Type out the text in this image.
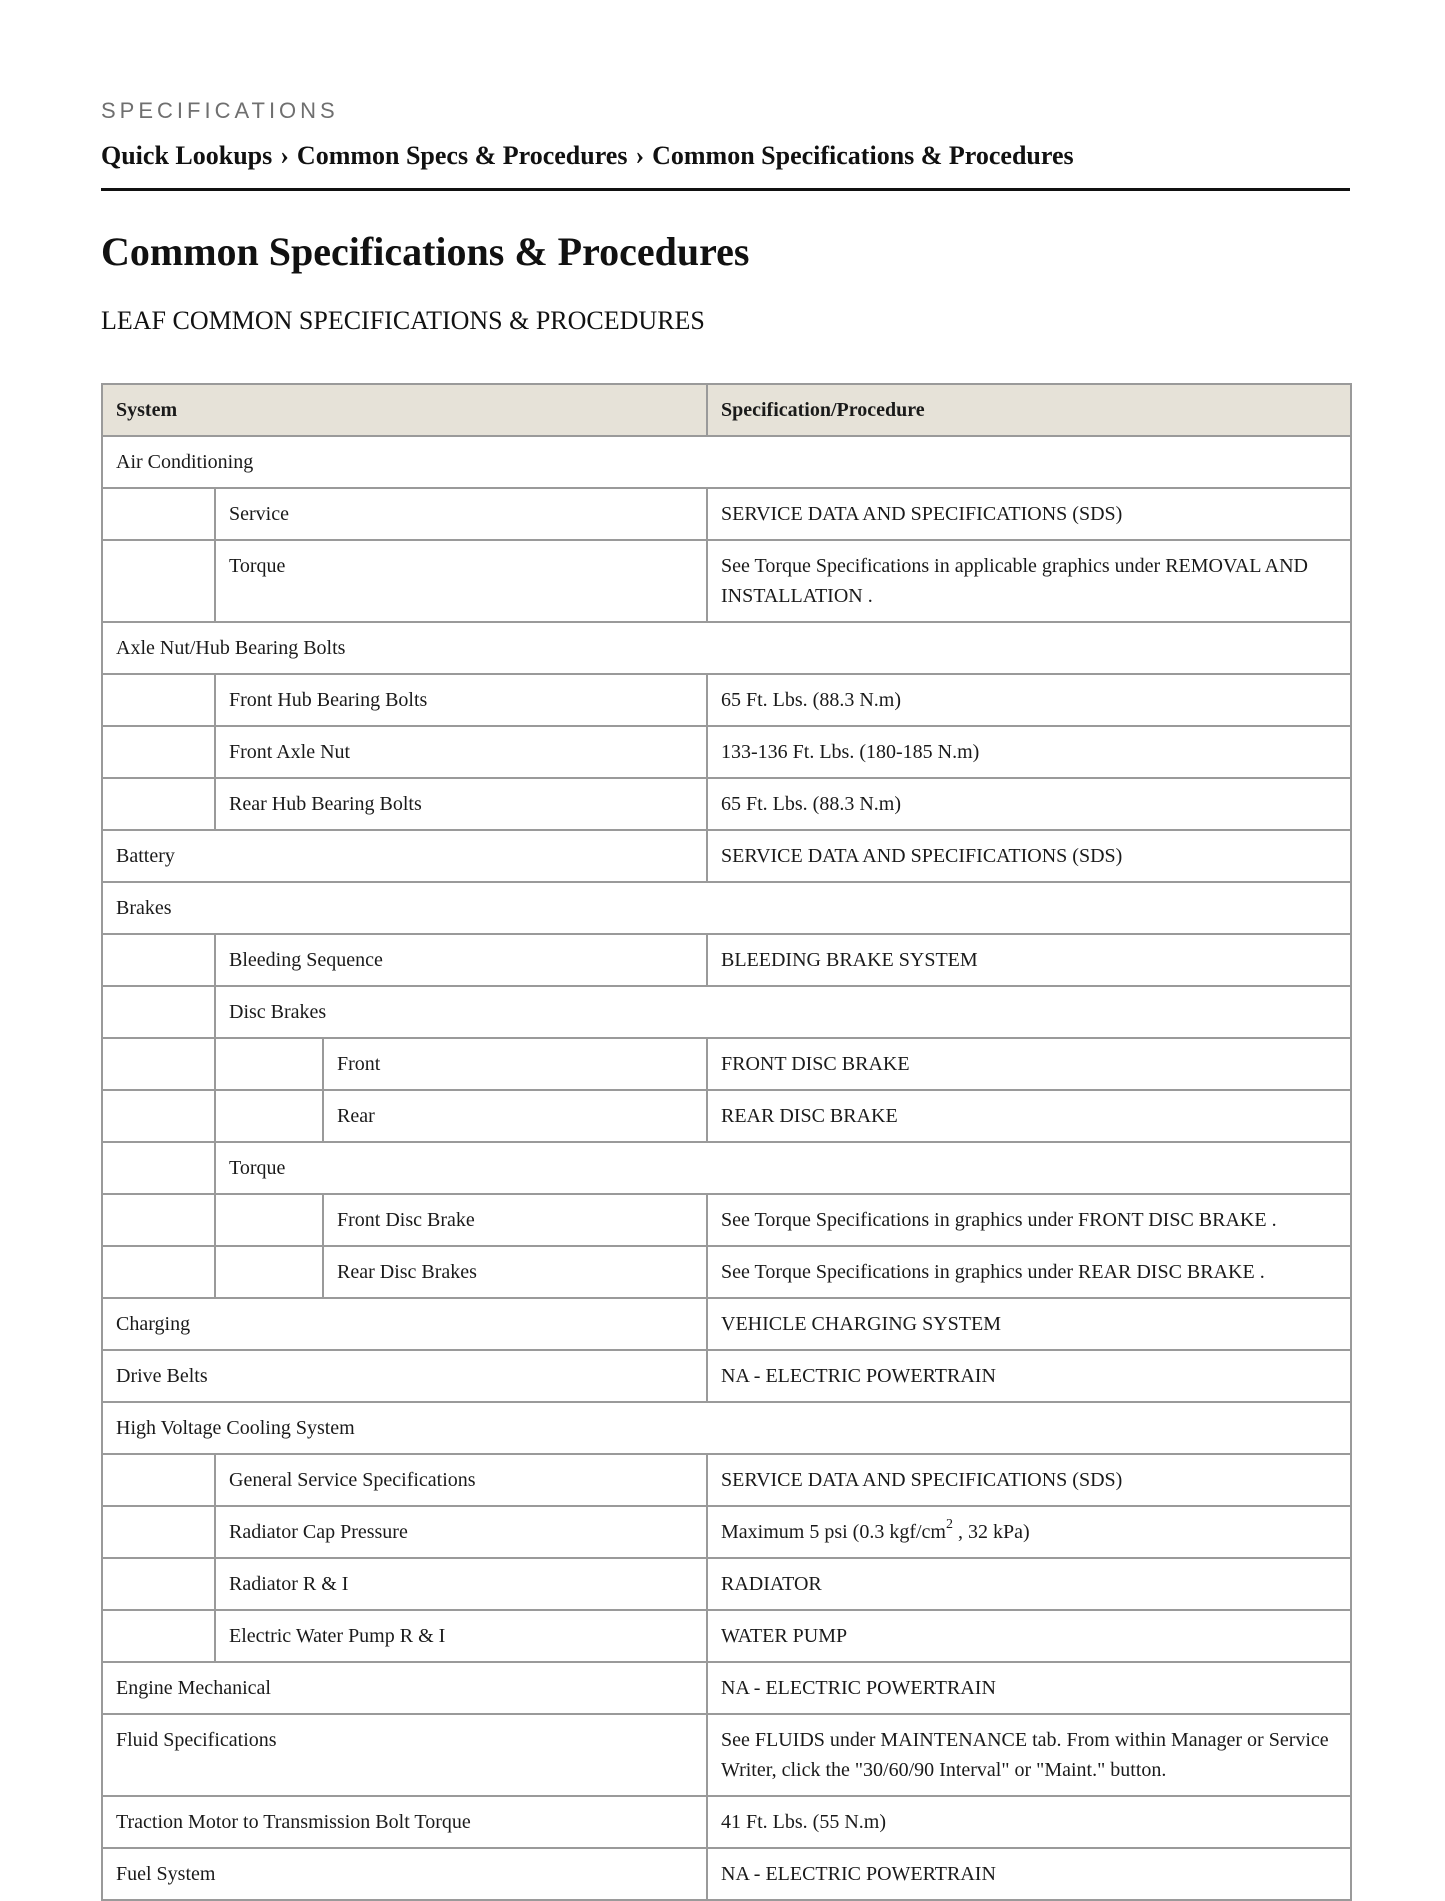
SPECIFICATIONS
Quick Lookups › Common Specs & Procedures › Common Specifications & Procedures
Common Specifications & Procedures
LEAF COMMON SPECIFICATIONS & PROCEDURES
System			Specification/Procedure
Air Conditioning			
	Service		SERVICE DATA AND SPECIFICATIONS (SDS)
	Torque		See Torque Specifications in applicable graphics under REMOVAL AND INSTALLATION .
Axle Nut/Hub Bearing Bolts			
	Front Hub Bearing Bolts		65 Ft. Lbs. (88.3 N.m)
	Front Axle Nut		133-136 Ft. Lbs. (180-185 N.m)
	Rear Hub Bearing Bolts		65 Ft. Lbs. (88.3 N.m)
Battery			SERVICE DATA AND SPECIFICATIONS (SDS)
Brakes			
	Bleeding Sequence		BLEEDING BRAKE SYSTEM
	Disc Brakes		
		Front	FRONT DISC BRAKE
		Rear	REAR DISC BRAKE
	Torque		
		Front Disc Brake	See Torque Specifications in graphics under FRONT DISC BRAKE .
		Rear Disc Brakes	See Torque Specifications in graphics under REAR DISC BRAKE .
Charging			VEHICLE CHARGING SYSTEM
Drive Belts			NA - ELECTRIC POWERTRAIN
High Voltage Cooling System			
	General Service Specifications		SERVICE DATA AND SPECIFICATIONS (SDS)
	Radiator Cap Pressure		Maximum 5 psi (0.3 kgf/$cm^2$ , 32 kPa)
	Radiator R & I		RADIATOR
	Electric Water Pump R & I		WATER PUMP
Engine Mechanical			NA - ELECTRIC POWERTRAIN
Fluid Specifications			See FLUIDS under MAINTENANCE tab. From within Manager or Service Writer, click the "30/60/90 Interval" or "Maint." button.
Traction Motor to Transmission Bolt Torque			41 Ft. Lbs. (55 N.m)
Fuel System			NA - ELECTRIC POWERTRAIN
